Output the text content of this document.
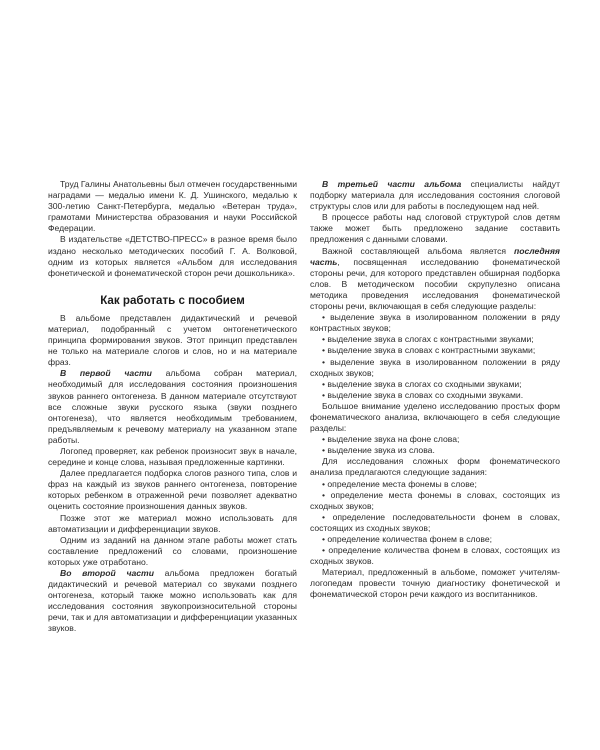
Труд Галины Анатольевны был отмечен государственными наградами — медалью имени К. Д. Ушинского, медалью к 300-летию Санкт-Петербурга, медалью «Ветеран труда», грамотами Министерства образования и науки Российской Федерации.

В издательстве «ДЕТСТВО-ПРЕСС» в разное время было издано несколько методических пособий Г. А. Волковой, одним из которых является «Альбом для исследования фонетической и фонематической сторон речи дошкольника».

Как работать с пособием

В альбоме представлен дидактический и речевой материал, подобранный с учетом онтогенетического принципа формирования звуков. Этот принцип представлен не только на материале слогов и слов, но и на материале фраз.

В первой части альбома собран материал, необходимый для исследования состояния произношения звуков раннего онтогенеза. В данном материале отсутствуют все сложные звуки русского языка (звуки позднего онтогенеза), что является необходимым требованием, предъявляемым к речевому материалу на указанном этапе работы.

Логопед проверяет, как ребенок произносит звук в начале, середине и конце слова, называя предложенные картинки.

Далее предлагается подборка слогов разного типа, слов и фраз на каждый из звуков раннего онтогенеза, повторение которых ребенком в отраженной речи позволяет адекватно оценить состояние произношения данных звуков.

Позже этот же материал можно использовать для автоматизации и дифференциации звуков.

Одним из заданий на данном этапе работы может стать составление предложений со словами, произношение которых уже отработано.

Во второй части альбома предложен богатый дидактический и речевой материал со звуками позднего онтогенеза, который также можно использовать как для исследования состояния звукопроизносительной стороны речи, так и для автоматизации и дифференциации указанных звуков.

В третьей части альбома специалисты найдут подборку материала для исследования состояния слоговой структуры слов или для работы в последующем над ней.

В процессе работы над слоговой структурой слов детям также может быть предложено задание составить предложения с данными словами.

Важной составляющей альбома является последняя часть, посвященная исследованию фонематической стороны речи, для которого представлен обширная подборка слов. В методическом пособии скрупулезно описана методика проведения исследования фонематической стороны речи, включающая в себя следующие разделы:

• выделение звука в изолированном положении в ряду контрастных звуков;

• выделение звука в слогах с контрастными звуками;

• выделение звука в словах с контрастными звуками;

• выделение звука в изолированном положении в ряду сходных звуков;

• выделение звука в слогах со сходными звуками;

• выделение звука в словах со сходными звуками.

Большое внимание уделено исследованию простых форм фонематического анализа, включающего в себя следующие разделы:

• выделение звука на фоне слова;

• выделение звука из слова.

Для исследования сложных форм фонематического анализа предлагаются следующие задания:

• определение места фонемы в слове;

• определение места фонемы в словах, состоящих из сходных звуков;

• определение последовательности фонем в словах, состоящих из сходных звуков;

• определение количества фонем в слове;

• определение количества фонем в словах, состоящих из сходных звуков.

Материал, предложенный в альбоме, поможет учителям-логопедам провести точную диагностику фонетической и фонематической сторон речи каждого из воспитанников.
